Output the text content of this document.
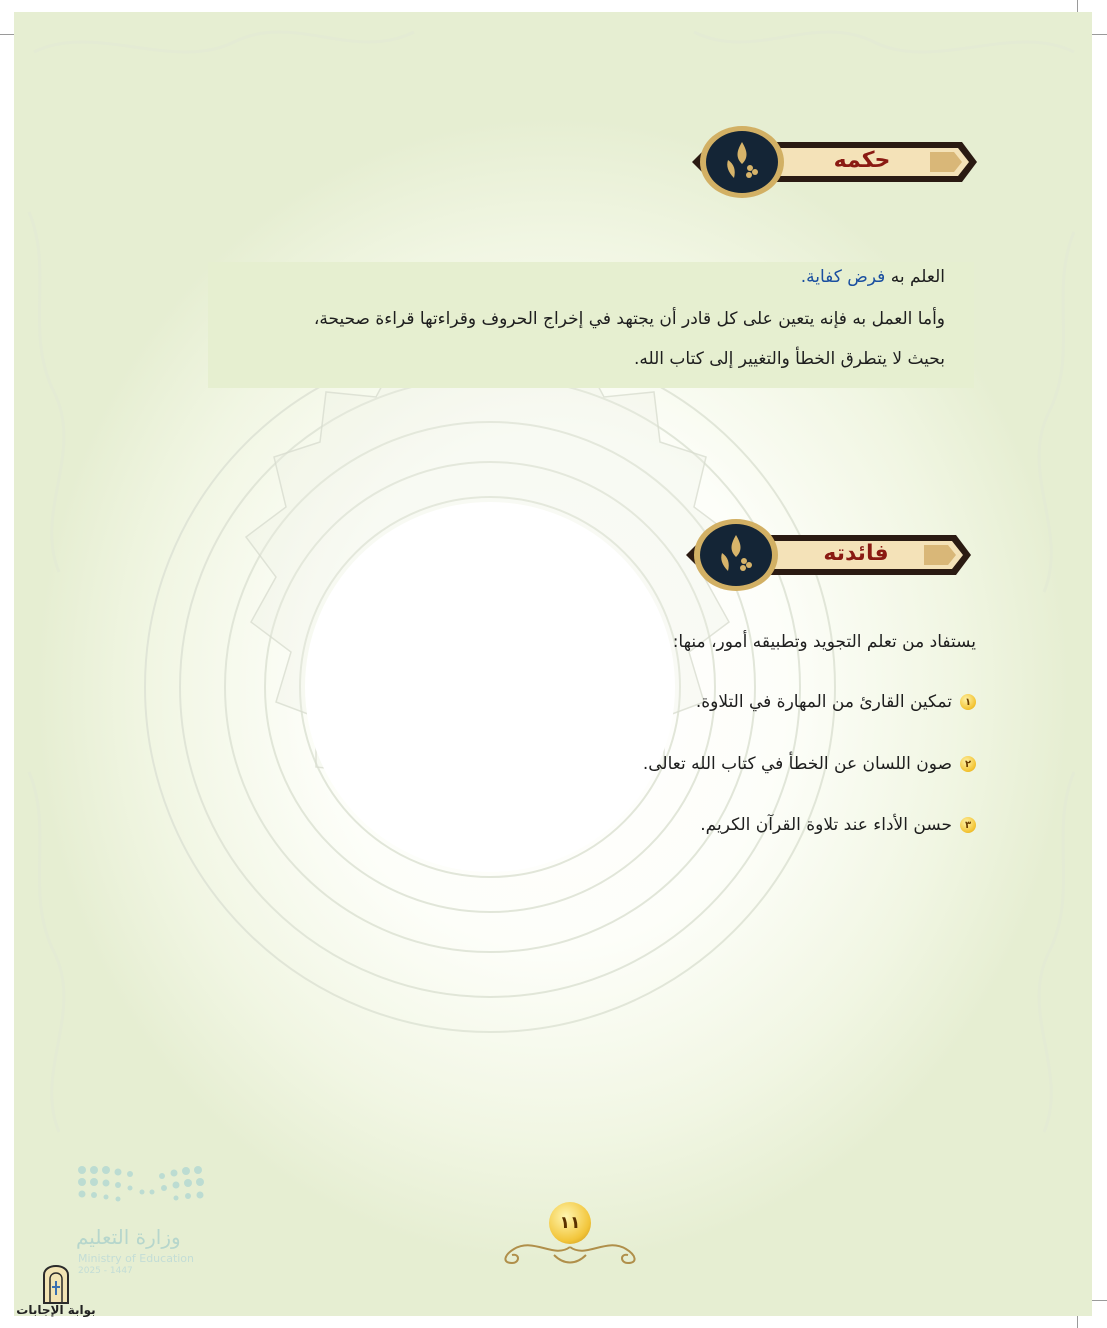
حكمه
العلم به فرض كفاية.
وأما العمل به فإنه يتعين على كل قادر أن يجتهد في إخراج الحروف وقراءتها قراءة صحيحة،
بحيث لا يتطرق الخطأ والتغيير إلى كتاب الله.
فائدته
يستفاد من تعلم التجويد وتطبيقه أمور، منها:
١
تمكين القارئ من المهارة في التلاوة.
٢
صون اللسان عن الخطأ في كتاب الله تعالى.
٣
حسن الأداء عند تلاوة القرآن الكريم.
١١
وزارة التعليم
Ministry of Education
2025 - 1447
بوابة الإجابات
